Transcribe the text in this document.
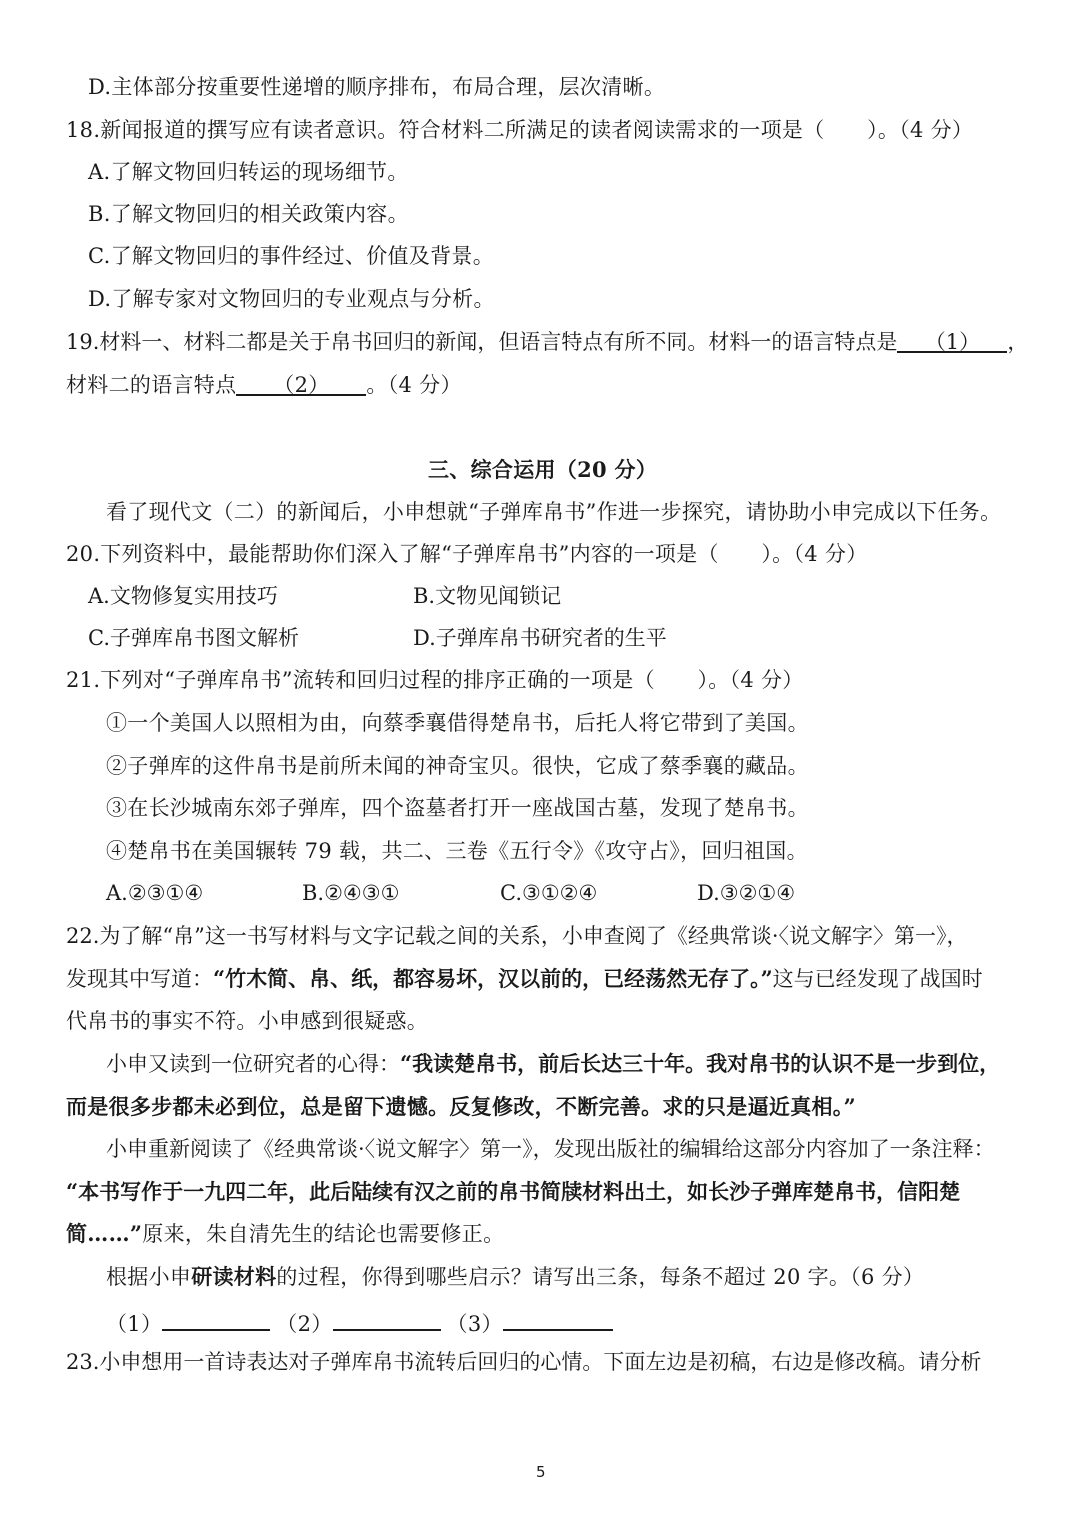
D.主体部分按重要性递增的顺序排布，布局合理，层次清晰。
18.新闻报道的撰写应有读者意识。符合材料二所满足的读者阅读需求的一项是（　　）。（4 分）
A.了解文物回归转运的现场细节。
B.了解文物回归的相关政策内容。
C.了解文物回归的事件经过、价值及背景。
D.了解专家对文物回归的专业观点与分析。
19.材料一、材料二都是关于帛书回归的新闻，但语言特点有所不同。材料一的语言特点是 （1） ，
材料二的语言特点 （2） 。（4 分）
三、综合运用（20 分）
看了现代文（二）的新闻后，小申想就“子弹库帛书”作进一步探究，请协助小申完成以下任务。
20.下列资料中，最能帮助你们深入了解“子弹库帛书”内容的一项是（　　）。（4 分）
A.文物修复实用技巧	B.文物见闻锁记
C.子弹库帛书图文解析	D.子弹库帛书研究者的生平
21.下列对“子弹库帛书”流转和回归过程的排序正确的一项是（　　）。（4 分）
①一个美国人以照相为由，向蔡季襄借得楚帛书，后托人将它带到了美国。
②子弹库的这件帛书是前所未闻的神奇宝贝。很快，它成了蔡季襄的藏品。
③在长沙城南东郊子弹库，四个盗墓者打开一座战国古墓，发现了楚帛书。
④楚帛书在美国辗转 79 载，共二、三卷《五行令》《攻守占》，回归祖国。
A.②③①④	B.②④③①	C.③①②④	D.③②①④
22.为了解“帛”这一书写材料与文字记载之间的关系，小申查阅了《经典常谈·〈说文解字〉第一》，
发现其中写道：“竹木简、帛、纸，都容易坏，汉以前的，已经荡然无存了。”这与已经发现了战国时
代帛书的事实不符。小申感到很疑惑。
小申又读到一位研究者的心得：“我读楚帛书，前后长达三十年。我对帛书的认识不是一步到位，
而是很多步都未必到位，总是留下遗憾。反复修改，不断完善。求的只是逼近真相。”
小申重新阅读了《经典常谈·〈说文解字〉第一》，发现出版社的编辑给这部分内容加了一条注释：
“本书写作于一九四二年，此后陆续有汉之前的帛书简牍材料出土，如长沙子弹库楚帛书，信阳楚
简……”原来，朱自清先生的结论也需要修正。
根据小申研读材料的过程，你得到哪些启示？请写出三条，每条不超过 20 字。（6 分）
（1）	（2）	（3）
23.小申想用一首诗表达对子弹库帛书流转后回归的心情。下面左边是初稿，右边是修改稿。请分析
5
